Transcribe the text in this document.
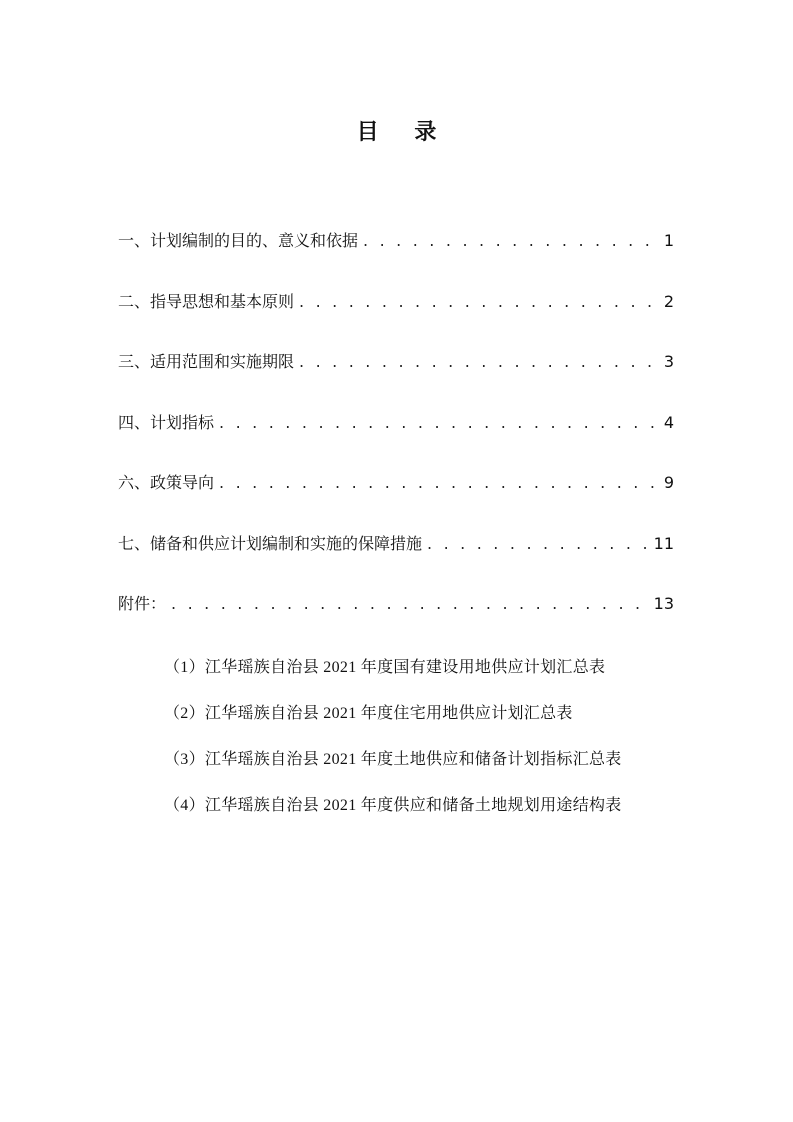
目 录
一、计划编制的目的、意义和依据 . . .	1
二、指导思想和基本原则 . . .	2
三、适用范围和实施期限 . . .	3
四、计划指标 . . .	4
六、政策导向 . . .	9
七、储备和供应计划编制和实施的保障措施 . . .	11
附件： . . .	13
（1）江华瑶族自治县 2021 年度国有建设用地供应计划汇总表
（2）江华瑶族自治县 2021 年度住宅用地供应计划汇总表
（3）江华瑶族自治县 2021 年度土地供应和储备计划指标汇总表
（4）江华瑶族自治县 2021 年度供应和储备土地规划用途结构表
